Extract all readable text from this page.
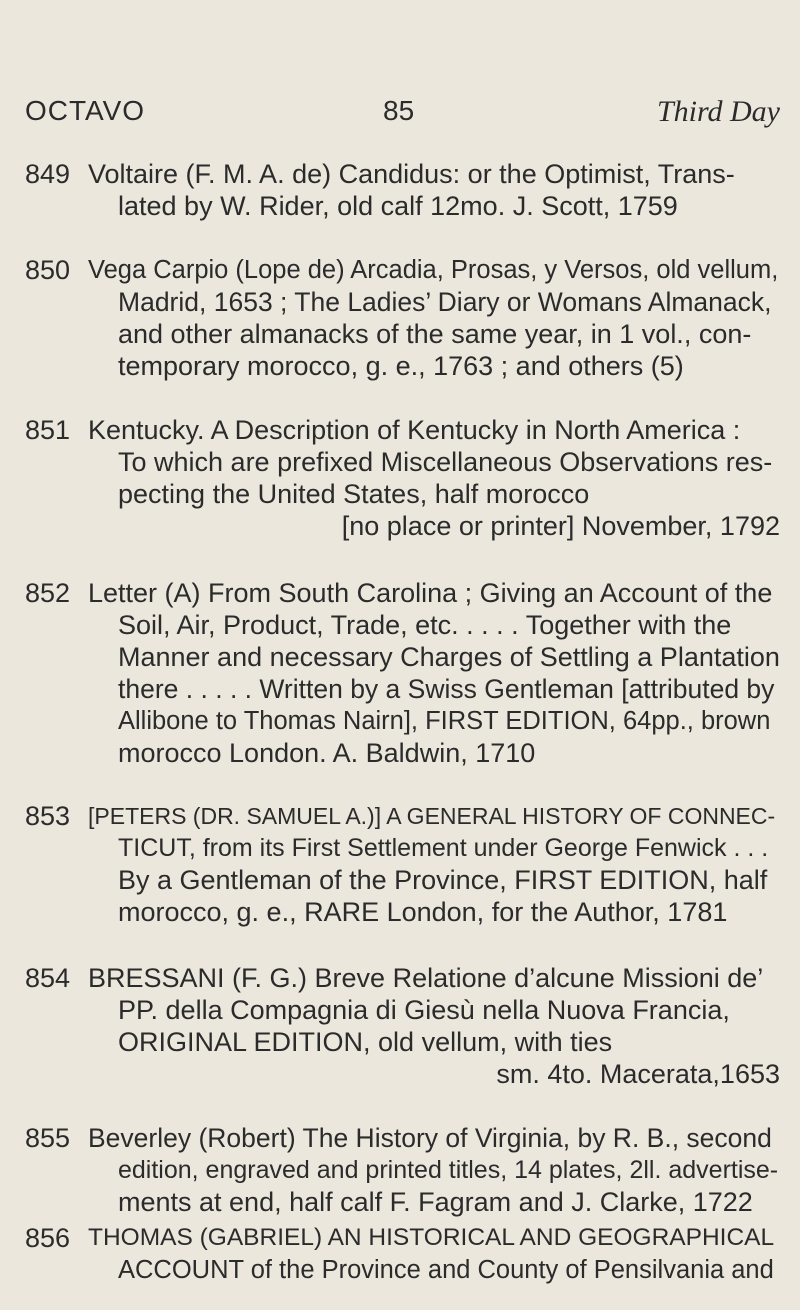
OCTAVO	85	Third Day
849 Voltaire (F. M. A. de) Candidus: or the Optimist, Trans-
lated by W. Rider, old calf 12mo. J. Scott, 1759
850 Vega Carpio (Lope de) Arcadia, Prosas, y Versos, old vellum,
Madrid, 1653 ; The Ladies’ Diary or Womans Almanack,
and other almanacks of the same year, in 1 vol., con-
temporary morocco, g. e., 1763 ; and others (5)
851 Kentucky. A Description of Kentucky in North America :
To which are prefixed Miscellaneous Observations res-
pecting the United States, half morocco
[no place or printer] November, 1792
852 Letter (A) From South Carolina ; Giving an Account of the
Soil, Air, Product, Trade, etc. . . . . Together with the
Manner and necessary Charges of Settling a Plantation
there . . . . . Written by a Swiss Gentleman [attributed by
Allibone to Thomas Nairn], FIRST EDITION, 64pp., brown
morocco London. A. Baldwin, 1710
853 [PETERS (DR. SAMUEL A.)] A GENERAL HISTORY OF CONNEC-
TICUT, from its First Settlement under George Fenwick . . .
By a Gentleman of the Province, FIRST EDITION, half
morocco, g. e., RARE London, for the Author, 1781
854 BRESSANI (F. G.) Breve Relatione d’alcune Missioni de’
PP. della Compagnia di Giesù nella Nuova Francia,
ORIGINAL EDITION, old vellum, with ties
sm. 4to. Macerata,1653
855 Beverley (Robert) The History of Virginia, by R. B., second
edition, engraved and printed titles, 14 plates, 2ll. advertise-
ments at end, half calf F. Fagram and J. Clarke, 1722
856 THOMAS (GABRIEL) AN HISTORICAL AND GEOGRAPHICAL
ACCOUNT of the Province and County of Pensilvania and
